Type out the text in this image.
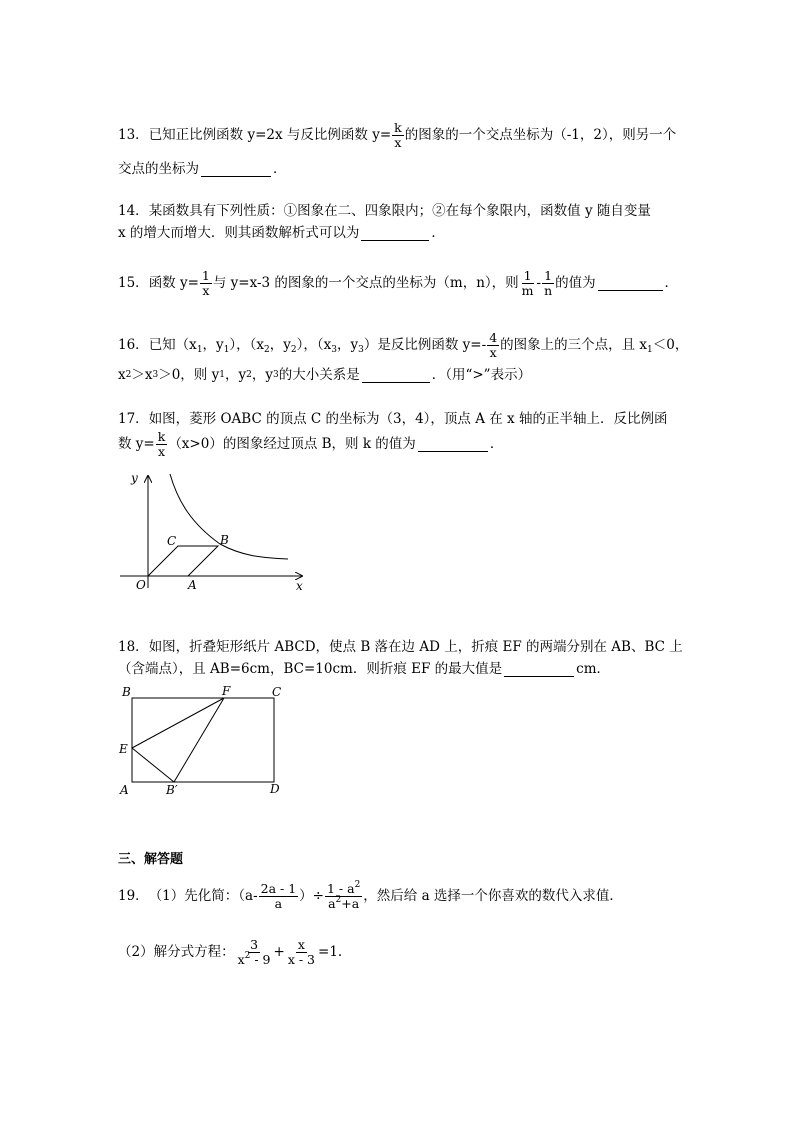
13． 已知正比例函数 y=2x 与反比例函数 $y= \frac{k}{x}$ 的图象的一个交点坐标为（-1，2），则另一个
交点的坐标为	．
14． 某函数具有下列性质：①图象在二、四象限内；②在每个象限内，函数值 y 随自变量
x 的增大而增大．则其函数解析式可以为	．
15． 函数 $y= \frac{1}{x}$ 与 y=x-3 的图象的一个交点的坐标为（m，n），则 $\frac{1}{m} - \frac{1}{n}$ 的值为	．
16． 已知（$x_1$，$y_1$），（$x_2$，$y_2$），（$x_3$，$y_3$）是反比例函数 $y=- \frac{4}{x}$ 的图象上的三个点，且 $x_1<0$，
x 2 ＞x 3 ＞0，则 y 1 ，y 2 ，y 3 的大小关系是	．（用“>”表示）
17． 如图，菱形 OABC 的顶点 C 的坐标为（3，4），顶点 A 在 x 轴的正半轴上．反比例函
数 $y= \frac{k}{x} (x>0)$的图象经过顶点 B，则 k 的值为	．
y
x
O	A
B
C
18． 如图，折叠矩形纸片 ABCD，使点 B 落在边 AD 上，折痕 EF 的两端分别在 AB、BC 上
（含端点），且 AB=6cm，BC=10cm．则折痕 EF 的最大值是	cm．
B	F	C
E
A	B′	D
三、解答题
19． （1）先化简：（$a- \frac{2a - 1}{a}$ ）÷ $\frac{1 - a^2}{a^2+a}$ ，然后给 a 选择一个你喜欢的数代入求值．
（2）解分式方程： $\frac{3}{x^2 - 9} + \frac{x}{x - 3} =1$.
